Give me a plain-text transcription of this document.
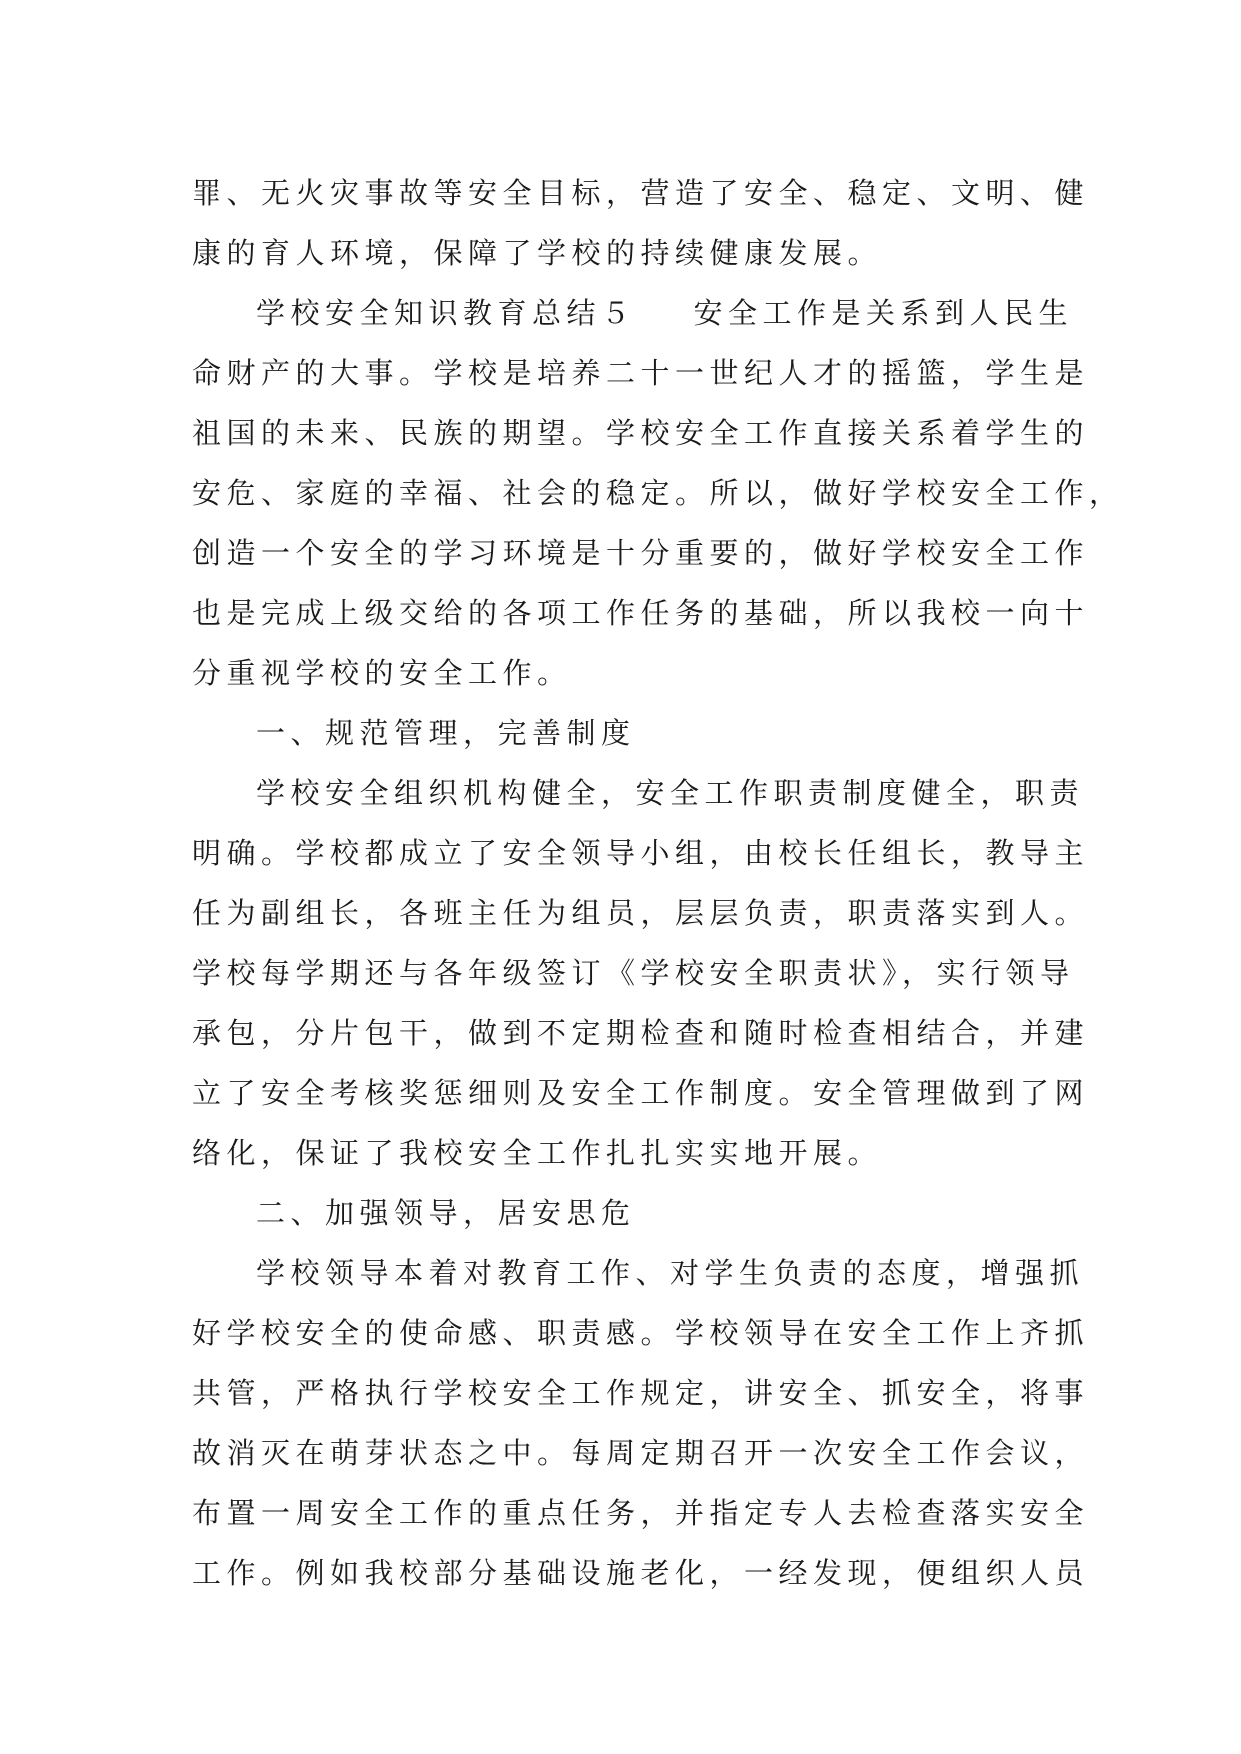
罪、无火灾事故等安全目标，营造了安全、稳定、文明、健
康的育人环境，保障了学校的持续健康发展。
学校安全知识教育总结５ 安全工作是关系到人民生
命财产的大事。学校是培养二十一世纪人才的摇篮，学生是
祖国的未来、民族的期望。学校安全工作直接关系着学生的
安危、家庭的幸福、社会的稳定。所以，做好学校安全工作，
创造一个安全的学习环境是十分重要的，做好学校安全工作
也是完成上级交给的各项工作任务的基础，所以我校一向十
分重视学校的安全工作。
一、规范管理，完善制度
学校安全组织机构健全，安全工作职责制度健全，职责
明确。学校都成立了安全领导小组，由校长任组长，教导主
任为副组长，各班主任为组员，层层负责，职责落实到人。
学校每学期还与各年级签订《学校安全职责状》，实行领导
承包，分片包干，做到不定期检查和随时检查相结合，并建
立了安全考核奖惩细则及安全工作制度。安全管理做到了网
络化，保证了我校安全工作扎扎实实地开展。
二、加强领导，居安思危
学校领导本着对教育工作、对学生负责的态度，增强抓
好学校安全的使命感、职责感。学校领导在安全工作上齐抓
共管，严格执行学校安全工作规定，讲安全、抓安全，将事
故消灭在萌芽状态之中。每周定期召开一次安全工作会议，
布置一周安全工作的重点任务，并指定专人去检查落实安全
工作。例如我校部分基础设施老化，一经发现，便组织人员
